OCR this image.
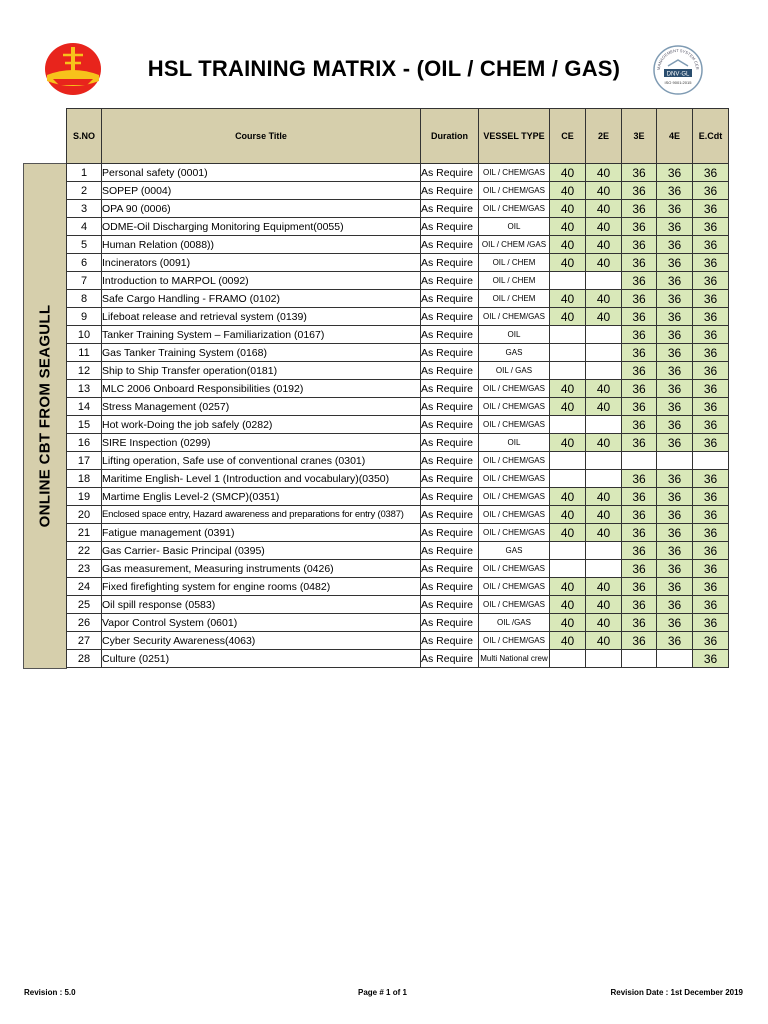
HSL TRAINING MATRIX - (OIL / CHEM / GAS)	MANAGEMENT SYSTEM CER
DNV·GL
ISO 9001:2015
ONLINE CBT FROM SEAGULL
S.NO	Course Title	Duration	VESSEL TYPE	CE	2E	3E	4E	E.Cdt
1	Personal safety (0001)	As Require	OIL / CHEM/GAS	40	40	36	36	36
2	SOPEP (0004)	As Require	OIL / CHEM/GAS	40	40	36	36	36
3	OPA 90 (0006)	As Require	OIL / CHEM/GAS	40	40	36	36	36
4	ODME-Oil Discharging Monitoring Equipment(0055)	As Require	OIL	40	40	36	36	36
5	Human Relation (0088))	As Require	OIL / CHEM /GAS	40	40	36	36	36
6	Incinerators (0091)	As Require	OIL / CHEM	40	40	36	36	36
7	Introduction to MARPOL (0092)	As Require	OIL / CHEM			36	36	36
8	Safe Cargo Handling - FRAMO (0102)	As Require	OIL / CHEM	40	40	36	36	36
9	Lifeboat release and retrieval system (0139)	As Require	OIL / CHEM/GAS	40	40	36	36	36
10	Tanker Training System – Familiarization (0167)	As Require	OIL			36	36	36
11	Gas Tanker Training System (0168)	As Require	GAS			36	36	36
12	Ship to Ship Transfer operation(0181)	As Require	OIL / GAS			36	36	36
13	MLC 2006 Onboard Responsibilities (0192)	As Require	OIL / CHEM/GAS	40	40	36	36	36
14	Stress Management (0257)	As Require	OIL / CHEM/GAS	40	40	36	36	36
15	Hot work-Doing the job safely (0282)	As Require	OIL / CHEM/GAS			36	36	36
16	SIRE Inspection (0299)	As Require	OIL	40	40	36	36	36
17	Lifting operation, Safe use of conventional cranes (0301)	As Require	OIL / CHEM/GAS					
18	Maritime English- Level 1 (Introduction and vocabulary)(0350)	As Require	OIL / CHEM/GAS			36	36	36
19	Martime Englis Level-2 (SMCP)(0351)	As Require	OIL / CHEM/GAS	40	40	36	36	36
20	Enclosed space entry, Hazard awareness and preparations for entry (0387)	As Require	OIL / CHEM/GAS	40	40	36	36	36
21	Fatigue management (0391)	As Require	OIL / CHEM/GAS	40	40	36	36	36
22	Gas Carrier- Basic Principal (0395)	As Require	GAS			36	36	36
23	Gas measurement, Measuring instruments (0426)	As Require	OIL / CHEM/GAS			36	36	36
24	Fixed firefighting system for engine rooms (0482)	As Require	OIL / CHEM/GAS	40	40	36	36	36
25	Oil spill response (0583)	As Require	OIL / CHEM/GAS	40	40	36	36	36
26	Vapor Control System (0601)	As Require	OIL /GAS	40	40	36	36	36
27	Cyber Security Awareness(4063)	As Require	OIL / CHEM/GAS	40	40	36	36	36
28	Culture (0251)	As Require	Multi National crew					36
Revision : 5.0	Page # 1 of 1	Revision Date : 1st December 2019
